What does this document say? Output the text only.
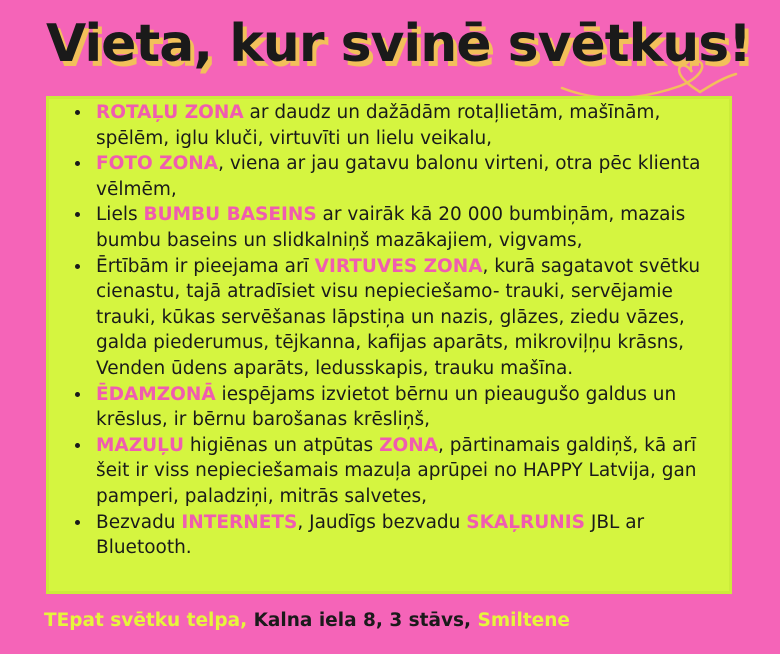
Vieta, kur svinē svētkus!
• ROTAĻU ZONA ar daudz un dažādām rotaļlietām, mašīnām, spēlēm, iglu kluči, virtuvīti un lielu veikalu,
• FOTO ZONA, viena ar jau gatavu balonu virteni, otra pēc klienta vēlmēm,
• Liels BUMBU BASEINS ar vairāk kā 20 000 bumbiņām, mazais bumbu baseins un slidkalniņš mazākajiem, vigvams,
• Ērtībām ir pieejama arī VIRTUVES ZONA, kurā sagatavot svētku cienastu, tajā atradīsiet visu nepieciešamo- trauki, servējamie trauki, kūkas servēšanas lāpstiņa un nazis, glāzes, ziedu vāzes, galda piederumus, tējkanna, kafijas aparāts, mikroviļņu krāsns, Venden ūdens aparāts, ledusskapis, trauku mašīna.
• ĒDAMZONĀ iespējams izvietot bērnu un pieaugušo galdus un krēslus, ir bērnu barošanas krēsliņš,
• MAZUĻU higiēnas un atpūtas ZONA, pārtinamais galdiņš, kā arī šeit ir viss nepieciešamais mazuļa aprūpei no HAPPY Latvija, gan pamperi, paladziņi, mitrās salvetes,
• Bezvadu INTERNETS, Jaudīgs bezvadu SKAĻRUNIS JBL ar Bluetooth.

TEpat svētku telpa, Kalna iela 8, 3 stāvs, Smiltene
